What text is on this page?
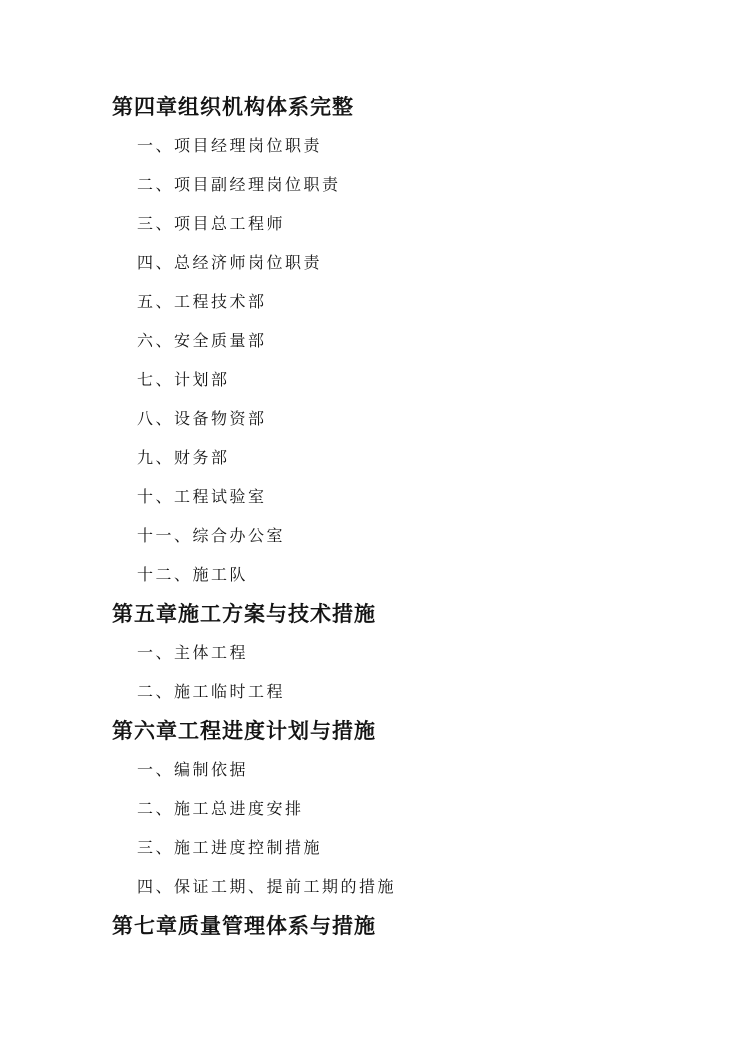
第四章组织机构体系完整
一、项目经理岗位职责
二、项目副经理岗位职责
三、项目总工程师
四、总经济师岗位职责
五、工程技术部
六、安全质量部
七、计划部
八、设备物资部
九、财务部
十、工程试验室
十一、综合办公室
十二、施工队
第五章施工方案与技术措施
一、主体工程
二、施工临时工程
第六章工程进度计划与措施
一、编制依据
二、施工总进度安排
三、施工进度控制措施
四、保证工期、提前工期的措施
第七章质量管理体系与措施
